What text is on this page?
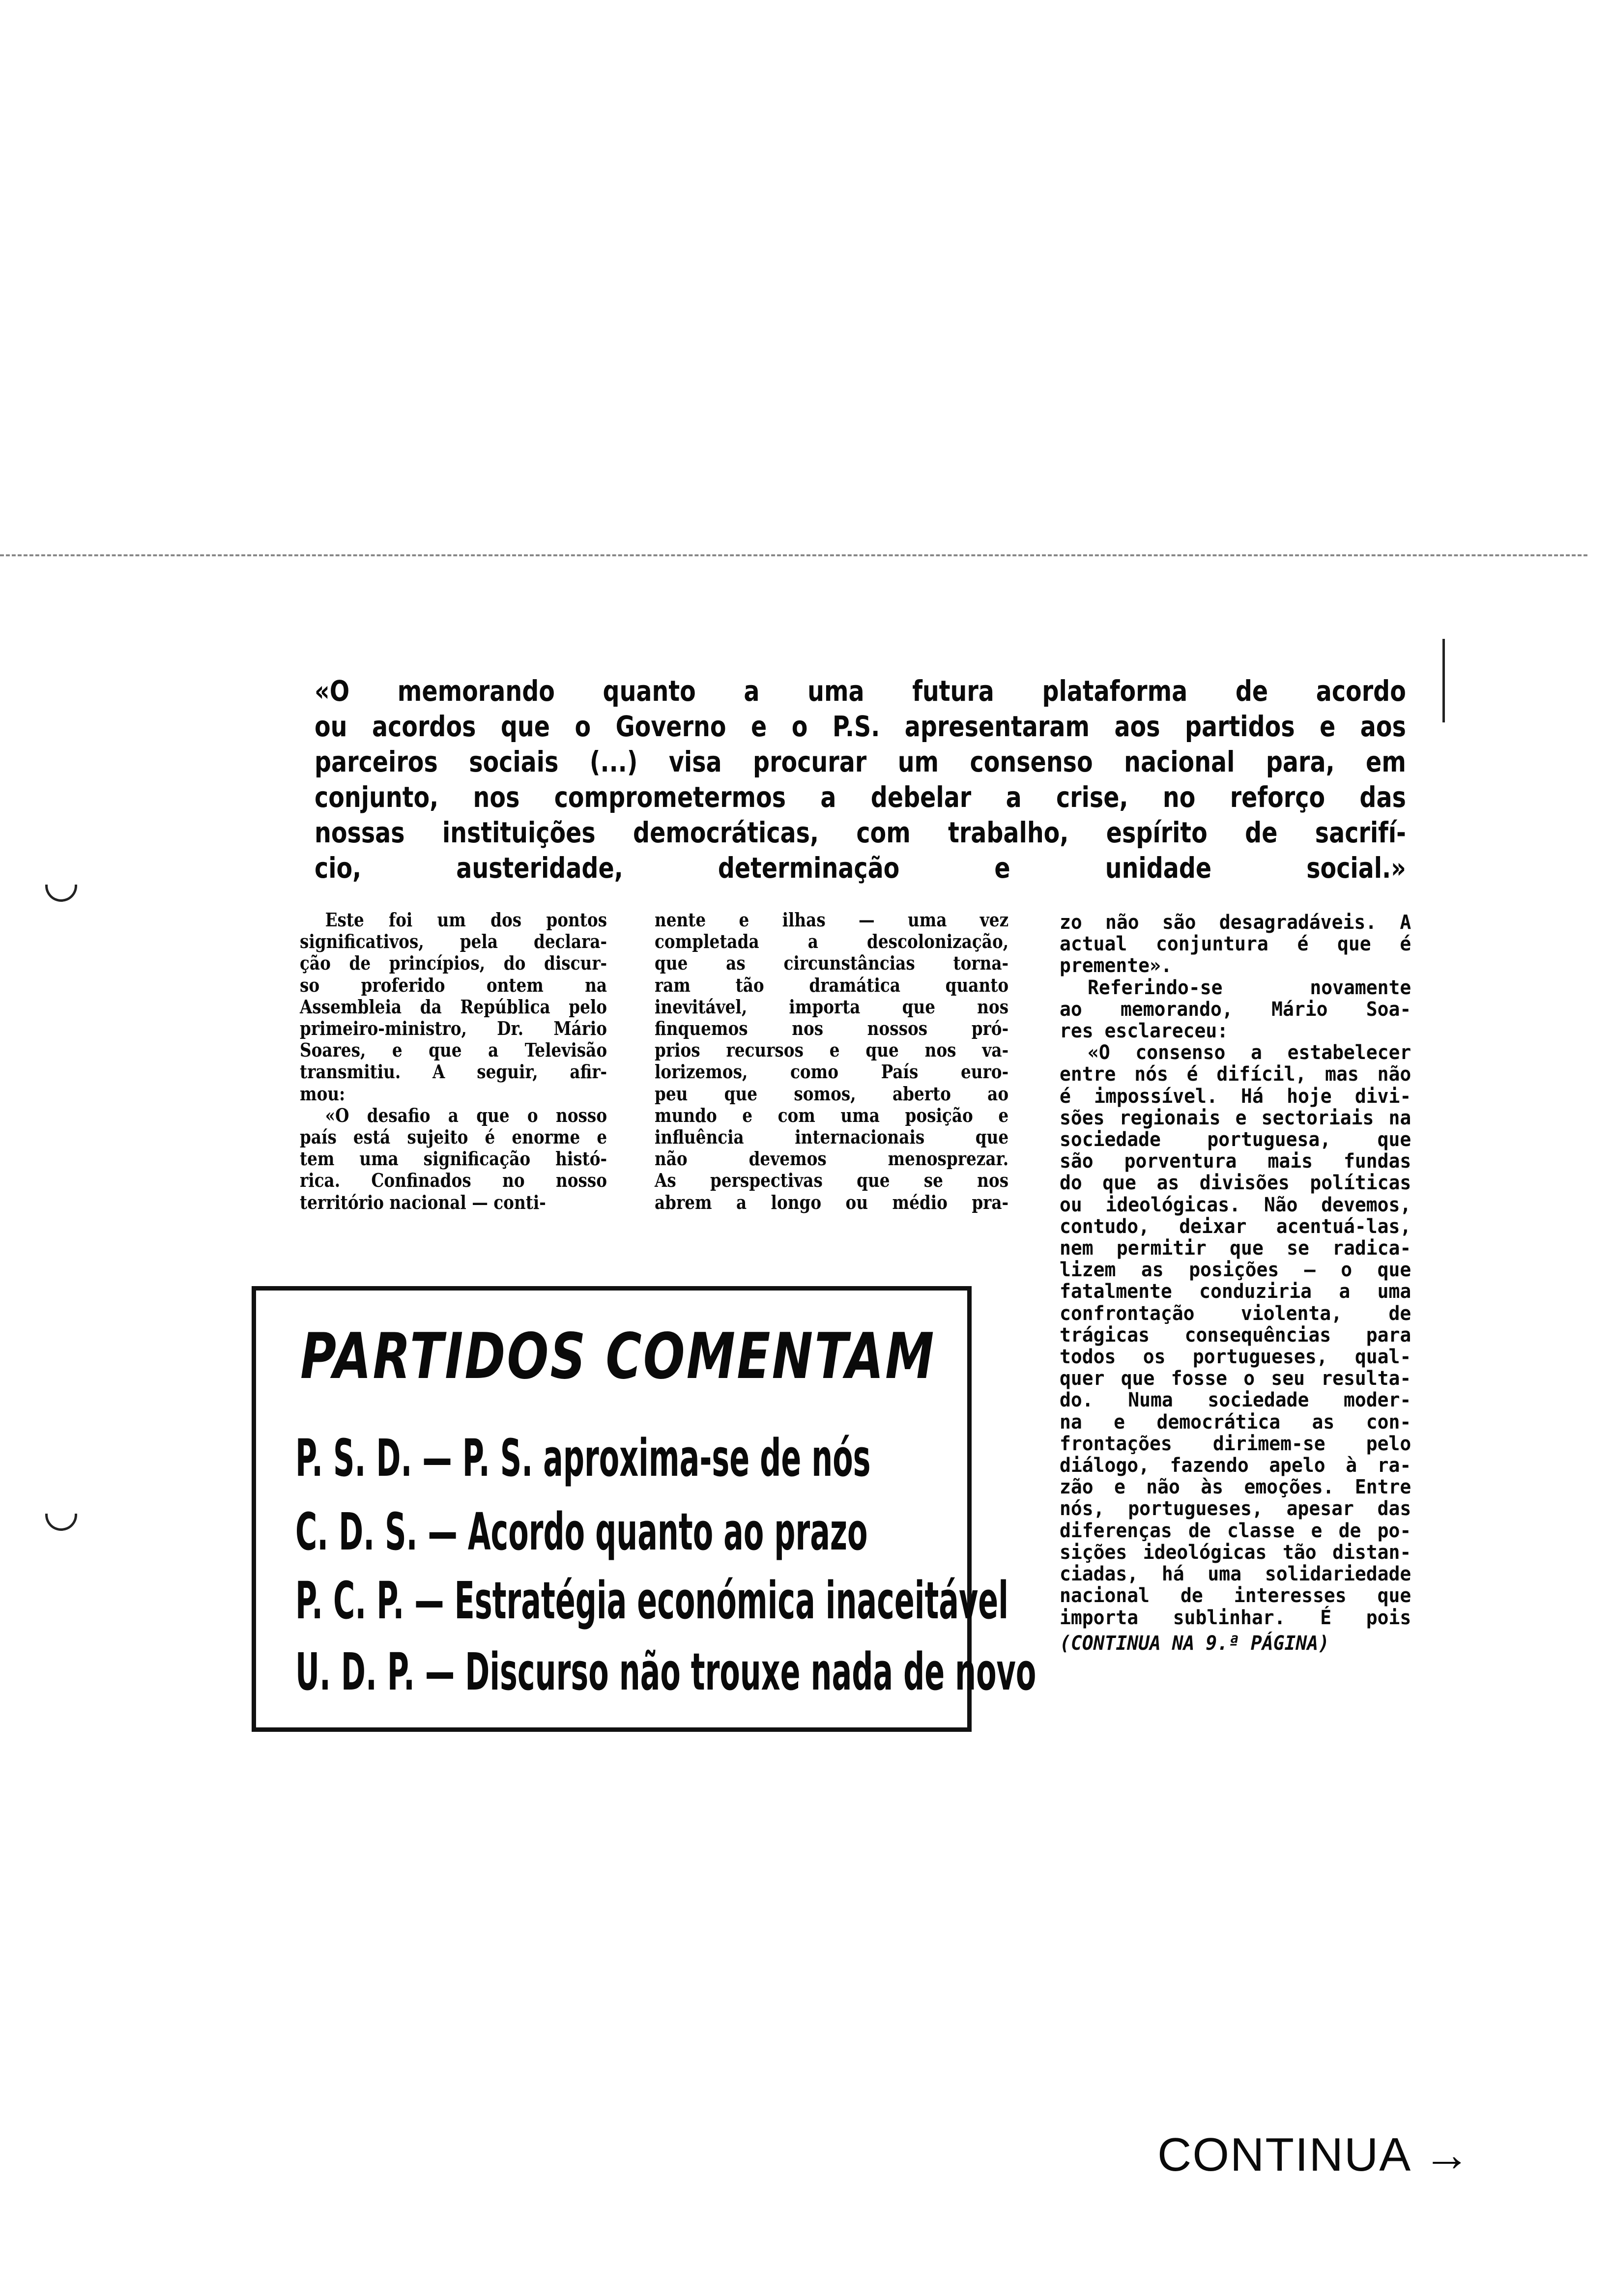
«O memorando quanto a uma futura plataforma de acordo
ou acordos que o Governo e o P.S. apresentaram aos partidos e aos
parceiros sociais (...) visa procurar um consenso nacional para, em
conjunto, nos comprometermos a debelar a crise, no reforço das
nossas instituições democráticas, com trabalho, espírito de sacrifí-
cio, austeridade, determinação e unidade social.»
Este foi um dos pontos
significativos, pela declara-
ção de princípios, do discur-
so proferido ontem na
Assembleia da República pelo
primeiro-ministro, Dr. Mário
Soares, e que a Televisão
transmitiu. A seguir, afir-
mou:
«O desafio a que o nosso
país está sujeito é enorme e
tem uma significação histó-
rica. Confinados no nosso
território nacional — conti-
nente e ilhas — uma vez
completada a descolonização,
que as circunstâncias torna-
ram tão dramática quanto
inevitável, importa que nos
finquemos nos nossos pró-
prios recursos e que nos va-
lorizemos, como País euro-
peu que somos, aberto ao
mundo e com uma posição e
influência internacionais que
não devemos menosprezar.
As perspectivas que se nos
abrem a longo ou médio pra-
zo não são desagradáveis. A
actual conjuntura é que é
premente».
Referindo-se novamente
ao memorando, Mário Soa-
res esclareceu:
«O consenso a estabelecer
entre nós é difícil, mas não
é impossível. Há hoje divi-
sões regionais e sectoriais na
sociedade portuguesa, que
são porventura mais fundas
do que as divisões políticas
ou ideológicas. Não devemos,
contudo, deixar acentuá-las,
nem permitir que se radica-
lizem as posições — o que
fatalmente conduziria a uma
confrontação violenta, de
trágicas consequências para
todos os portugueses, qual-
quer que fosse o seu resulta-
do. Numa sociedade moder-
na e democrática as con-
frontações dirimem-se pelo
diálogo, fazendo apelo à ra-
zão e não às emoções. Entre
nós, portugueses, apesar das
diferenças de classe e de po-
sições ideológicas tão distan-
ciadas, há uma solidariedade
nacional de interesses que
importa sublinhar. É pois
(CONTINUA NA 9.ª PÁGINA)
PARTIDOS COMENTAM
P. S. D. — P. S. aproxima-se de nós
C. D. S. — Acordo quanto ao prazo
P. C. P. — Estratégia económica inaceitável
U. D. P. — Discurso não trouxe nada de novo
CONTINUA →
